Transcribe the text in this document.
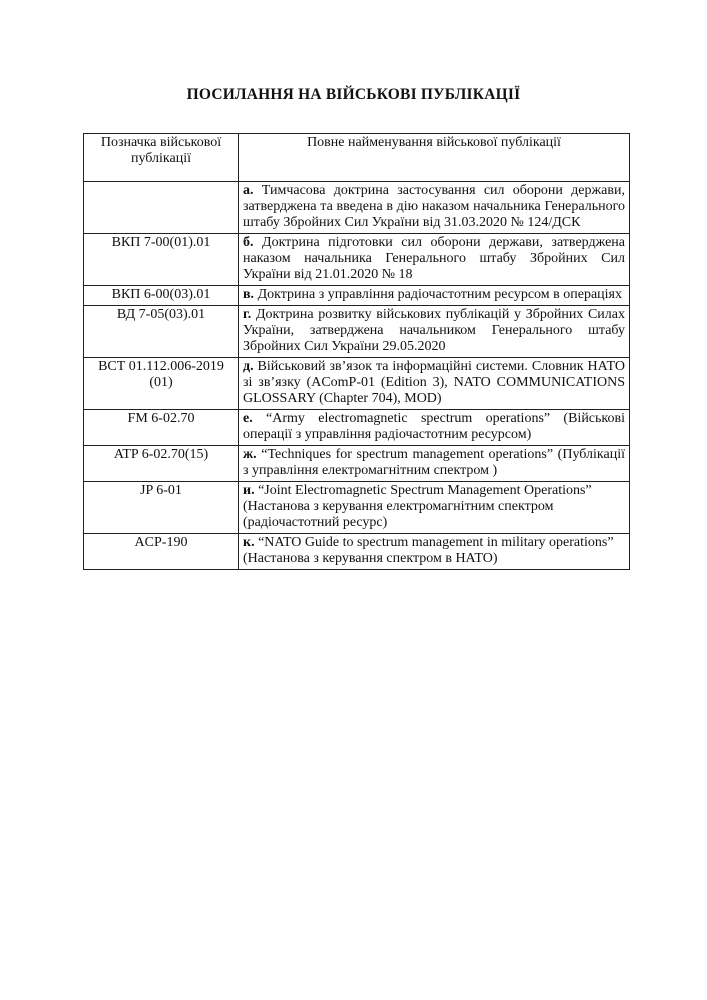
ПОСИЛАННЯ НА ВІЙСЬКОВІ ПУБЛІКАЦІЇ
Позначка військової публікації	Повне найменування військової публікації
	а. Тимчасова доктрина застосування сил оборони держави, затверджена та введена в дію наказом начальника Генерального штабу Збройних Сил України від 31.03.2020 № 124/ДСК
ВКП 7-00(01).01	б. Доктрина підготовки сил оборони держави, затверджена наказом начальника Генерального штабу Збройних Сил України від 21.01.2020 № 18
ВКП 6-00(03).01	в. Доктрина з управління радіочастотним ресурсом в операціях
ВД 7-05(03).01	г. Доктрина розвитку військових публікацій у Збройних Силах України, затверджена начальником Генерального штабу Збройних Сил України 29.05.2020
ВСТ 01.112.006-2019 (01)	д. Військовий зв’язок та інформаційні системи. Словник НАТО зі зв’язку (AComP-01 (Edition 3), NATO COMMUNICATIONS GLOSSARY (Chapter 704), MOD)
FM 6-02.70	е. “Army electromagnetic spectrum operations” (Військові операції з управління радіочастотним ресурсом)
ATP 6-02.70(15)	ж. “Techniques for spectrum management operations” (Публікації з управління електромагнітним спектром )
JP 6-01	и. “Joint Electromagnetic Spectrum Management Operations”
(Настанова з керування електромагнітним спектром (радіочастотний ресурс)

ACP-190	к. “NATO Guide to spectrum management in military operations”
(Настанова з керування спектром в НАТО)
